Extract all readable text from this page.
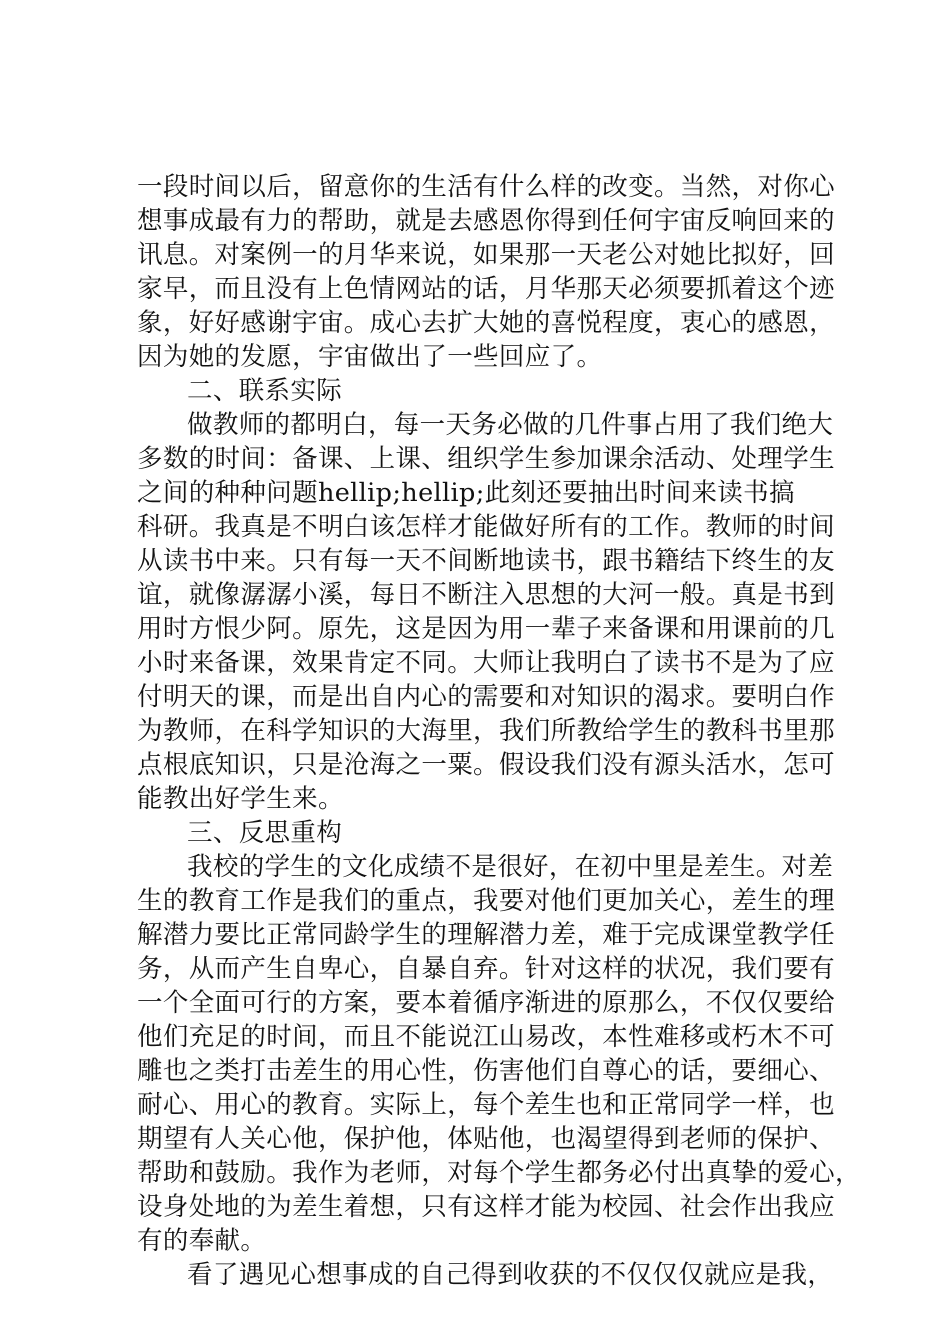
一段时间以后，留意你的生活有什么样的改变。当然，对你心
想事成最有力的帮助，就是去感恩你得到任何宇宙反响回来的
讯息。对案例一的月华来说，如果那一天老公对她比拟好，回
家早，而且没有上色情网站的话，月华那天必须要抓着这个迹
象，好好感谢宇宙。成心去扩大她的喜悦程度，衷心的感恩，
因为她的发愿，宇宙做出了一些回应了。
二、联系实际
做教师的都明白，每一天务必做的几件事占用了我们绝大
多数的时间：备课、上课、组织学生参加课余活动、处理学生
之间的种种问题hellip;hellip;此刻还要抽出时间来读书搞
科研。我真是不明白该怎样才能做好所有的工作。教师的时间
从读书中来。只有每一天不间断地读书，跟书籍结下终生的友
谊，就像潺潺小溪，每日不断注入思想的大河一般。真是书到
用时方恨少阿。原先，这是因为用一辈子来备课和用课前的几
小时来备课，效果肯定不同。大师让我明白了读书不是为了应
付明天的课，而是出自内心的需要和对知识的渴求。要明白作
为教师，在科学知识的大海里，我们所教给学生的教科书里那
点根底知识，只是沧海之一粟。假设我们没有源头活水，怎可
能教出好学生来。
三、反思重构
我校的学生的文化成绩不是很好，在初中里是差生。对差
生的教育工作是我们的重点，我要对他们更加关心，差生的理
解潜力要比正常同龄学生的理解潜力差，难于完成课堂教学任
务，从而产生自卑心，自暴自弃。针对这样的状况，我们要有
一个全面可行的方案，要本着循序渐进的原那么，不仅仅要给
他们充足的时间，而且不能说江山易改，本性难移或朽木不可
雕也之类打击差生的用心性，伤害他们自尊心的话，要细心、
耐心、用心的教育。实际上，每个差生也和正常同学一样，也
期望有人关心他，保护他，体贴他，也渴望得到老师的保护、
帮助和鼓励。我作为老师，对每个学生都务必付出真挚的爱心，
设身处地的为差生着想，只有这样才能为校园、社会作出我应
有的奉献。
看了遇见心想事成的自己得到收获的不仅仅仅就应是我，
